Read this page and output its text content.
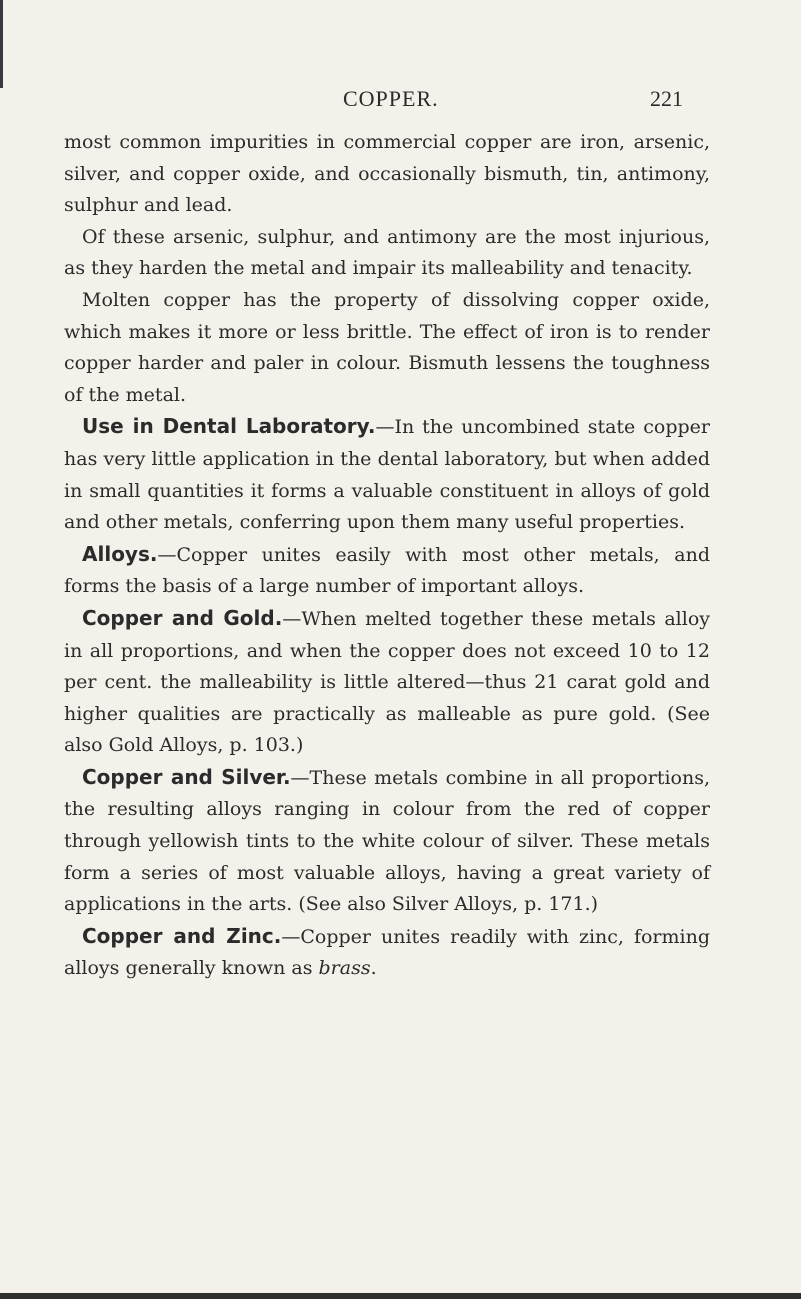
COPPER.	221

most common impurities in commercial copper are iron, arsenic, silver, and copper oxide, and occasionally bismuth, tin, antimony, sulphur and lead.

Of these arsenic, sulphur, and antimony are the most injurious, as they harden the metal and impair its malleability and tenacity.

Molten copper has the property of dissolving copper oxide, which makes it more or less brittle. The effect of iron is to render copper harder and paler in colour. Bismuth lessens the toughness of the metal.

Use in Dental Laboratory.—In the uncombined state copper has very little application in the dental laboratory, but when added in small quantities it forms a valuable constituent in alloys of gold and other metals, conferring upon them many useful properties.

Alloys.—Copper unites easily with most other metals, and forms the basis of a large number of important alloys.

Copper and Gold.—When melted together these metals alloy in all proportions, and when the copper does not exceed 10 to 12 per cent. the malleability is little altered—thus 21 carat gold and higher qualities are practically as malleable as pure gold. (See also Gold Alloys, p. 103.)

Copper and Silver.—These metals combine in all proportions, the resulting alloys ranging in colour from the red of copper through yellowish tints to the white colour of silver. These metals form a series of most valuable alloys, having a great variety of applications in the arts. (See also Silver Alloys, p. 171.)

Copper and Zinc.—Copper unites readily with zinc, forming alloys generally known as brass.
